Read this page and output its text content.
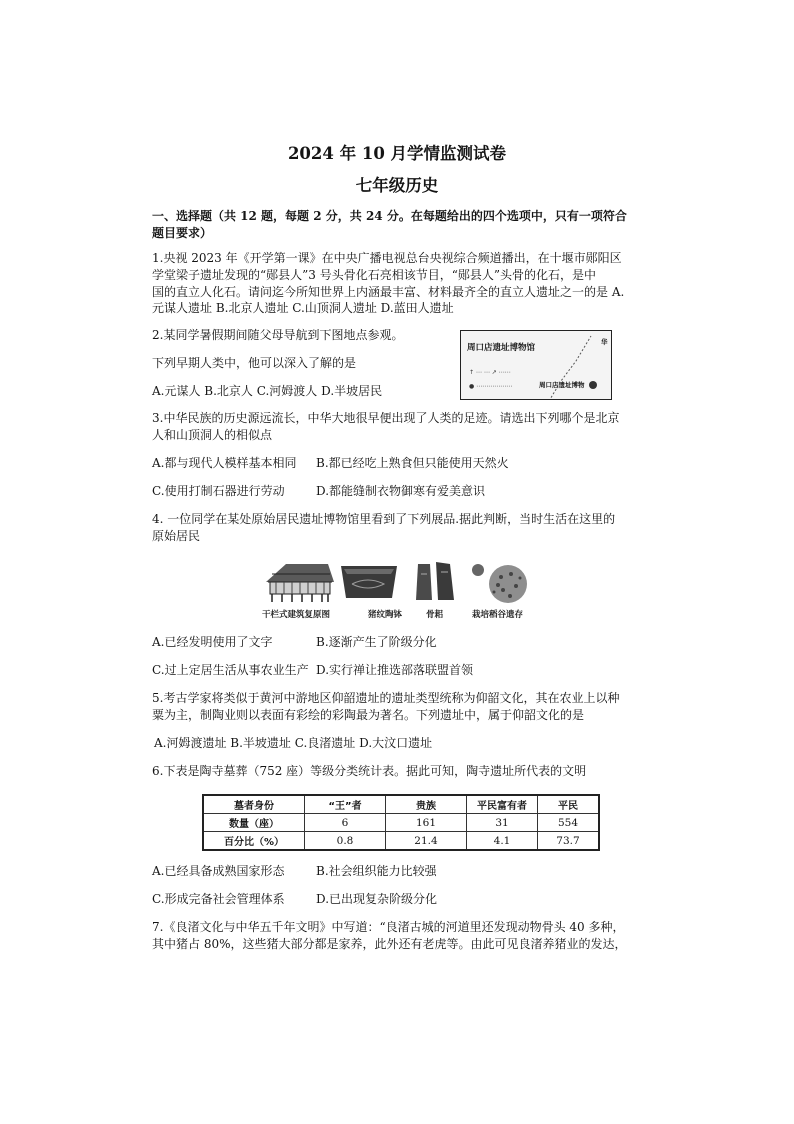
2024 年 10 月学情监测试卷
七年级历史
一、选择题（共 12 题，每题 2 分，共 24 分。在每题给出的四个选项中，只有一项符合
题目要求）
1.央视 2023 年《开学第一课》在中央广播电视总台央视综合频道播出，在十堰市郧阳区
学堂梁子遗址发现的“郧县人”3 号头骨化石亮相该节目，“郧县人”头骨的化石，是中
国的直立人化石。请问迄今所知世界上内涵最丰富、材料最齐全的直立人遗址之一的是 A.
元谋人遗址 B.北京人遗址 C.山顶洞人遗址 D.蓝田人遗址
2.某同学暑假期间随父母导航到下图地点参观。
下列早期人类中，他可以深入了解的是
A.元谋人 B.北京人 C.河姆渡人 D.半坡居民
周口店遗址博物馆
↑ ⋯ ⋯ ↗ ⋯⋯
● ⋯⋯⋯⋯⋯⋯	周口店遗址博物
华
3.中华民族的历史源远流长，中华大地很早便出现了人类的足迹。请选出下列哪个是北京
人和山顶洞人的相似点
A.都与现代人模样基本相同 B.都已经吃上熟食但只能使用天然火
C.使用打制石器进行劳动	D.都能缝制衣物御寒有爱美意识
4. 一位同学在某处原始居民遗址博物馆里看到了下列展品.据此判断，当时生活在这里的
原始居民
干栏式建筑复原图	猪纹陶钵	骨耜	栽培稻谷遗存
A.已经发明使用了文字	B.逐渐产生了阶级分化
C.过上定居生活从事农业生产 D.实行禅让推选部落联盟首领
5.考古学家将类似于黄河中游地区仰韶遗址的遗址类型统称为仰韶文化，其在农业上以种
粟为主，制陶业则以表面有彩绘的彩陶最为著名。下列遗址中，属于仰韶文化的是
A.河姆渡遗址 B.半坡遗址 C.良渚遗址 D.大汶口遗址
6.下表是陶寺墓葬（752 座）等级分类统计表。据此可知，陶寺遗址所代表的文明
墓者身份	“王”者	贵族	平民富有者	平民
数量（座）	6	161	31	554
百分比（%）	0.8	21.4	4.1	73.7
A.已经具备成熟国家形态	B.社会组织能力比较强
C.形成完备社会管理体系	D.已出现复杂阶级分化
7.《良渚文化与中华五千年文明》中写道：“良渚古城的河道里还发现动物骨头 40 多种，
其中猪占 80%，这些猪大部分都是家养，此外还有老虎等。由此可见良渚养猪业的发达，
